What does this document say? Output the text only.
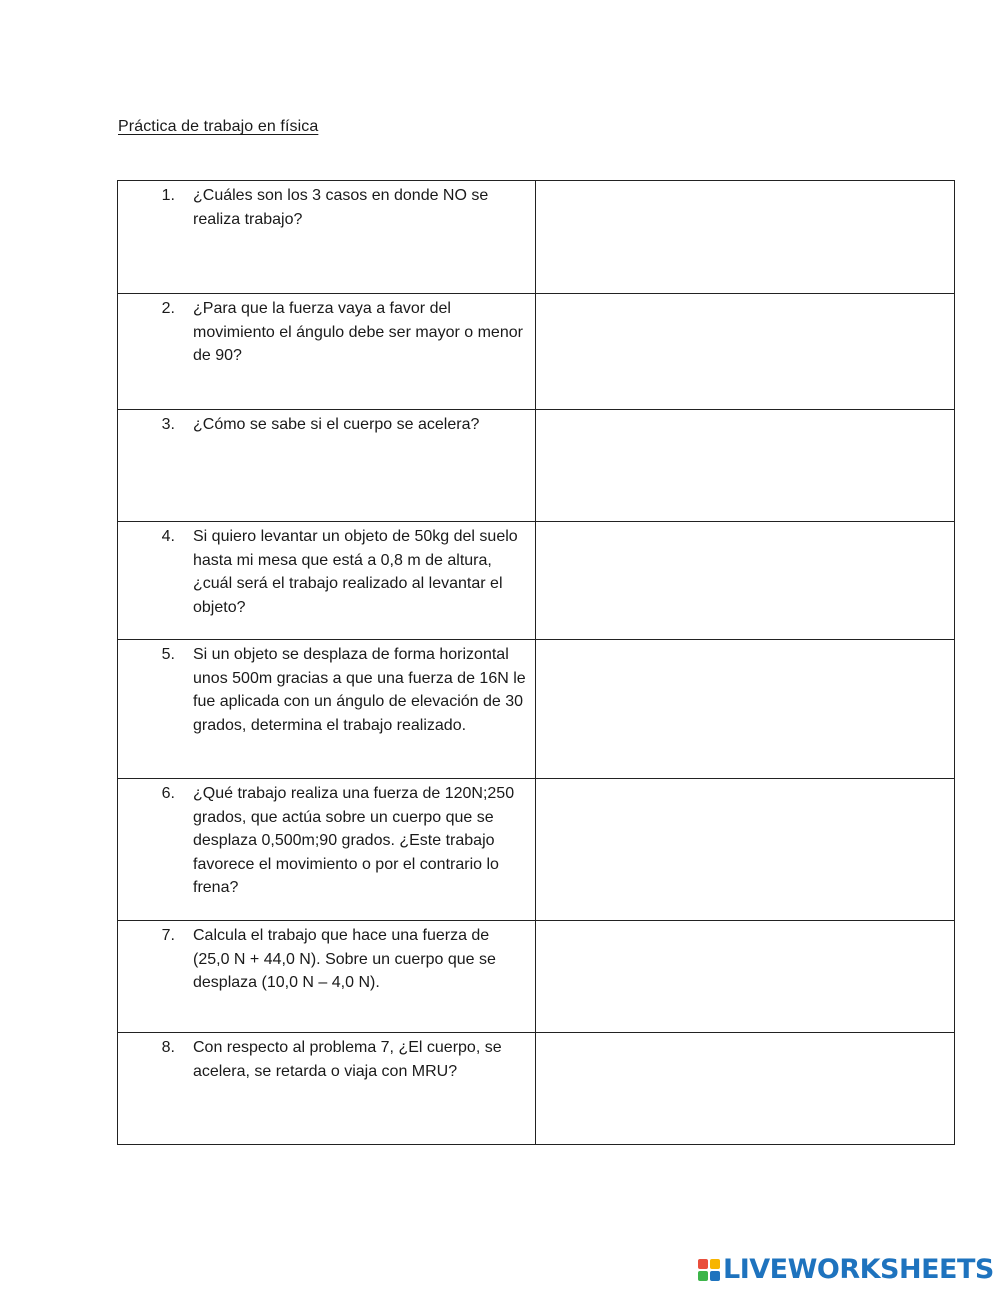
Práctica de trabajo en física
1. ¿Cuáles son los 3 casos en donde NO se realiza trabajo?	

2. ¿Para que la fuerza vaya a favor del movimiento el ángulo debe ser mayor o menor de 90?	

3. ¿Cómo se sabe si el cuerpo se acelera?	

4. Si quiero levantar un objeto de 50kg del suelo hasta mi mesa que está a 0,8 m de altura, ¿cuál será el trabajo realizado al levantar el objeto?	

5. Si un objeto se desplaza de forma horizontal unos 500m gracias a que una fuerza de 16N le fue aplicada con un ángulo de elevación de 30 grados, determina el trabajo realizado.	

6. ¿Qué trabajo realiza una fuerza de 120N;250 grados, que actúa sobre un cuerpo que se desplaza 0,500m;90 grados. ¿Este trabajo favorece el movimiento o por el contrario lo frena?	

7. Calcula el trabajo que hace una fuerza de (25,0 N + 44,0 N). Sobre un cuerpo que se desplaza (10,0 N – 4,0 N).	

8. Con respecto al problema 7, ¿El cuerpo, se acelera, se retarda o viaja con MRU?	

LIVEWORKSHEETS
